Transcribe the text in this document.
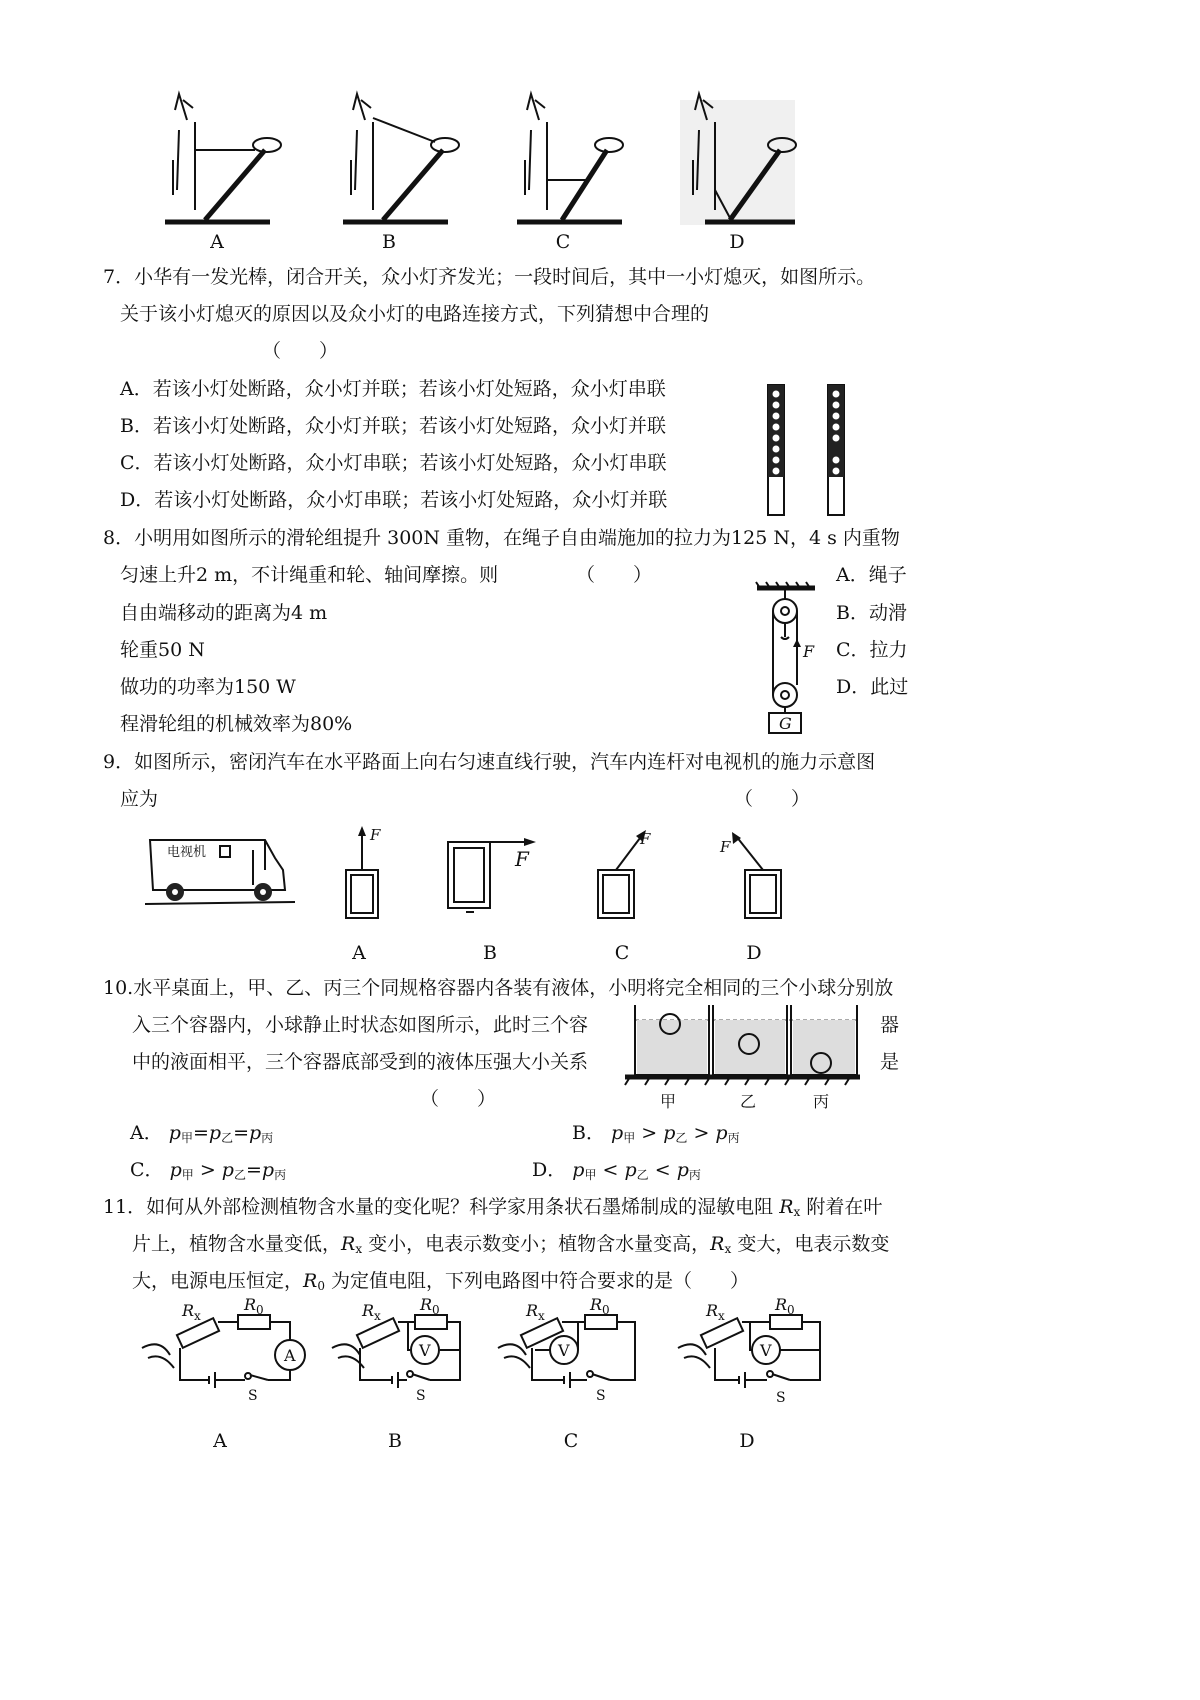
A	B	C	D
7．小华有一发光棒，闭合开关，众小灯齐发光；一段时间后，其中一小灯熄灭，如图所示。
关于该小灯熄灭的原因以及众小灯的电路连接方式，下列猜想中合理的
（　　）
A．若该小灯处断路，众小灯并联；若该小灯处短路，众小灯串联
B．若该小灯处断路，众小灯并联；若该小灯处短路，众小灯并联
C．若该小灯处断路，众小灯串联；若该小灯处短路，众小灯串联
D．若该小灯处断路，众小灯串联；若该小灯处短路，众小灯并联
8．小明用如图所示的滑轮组提升 300N 重物，在绳子自由端施加的拉力为125 N，4 s 内重物
匀速上升2 m，不计绳重和轮、轴间摩擦。则	（　　）
自由端移动的距离为4 m
轮重50 N
做功的功率为150 W
程滑轮组的机械效率为80%
A．绳子
B．动滑
C．拉力
D．此过
F
G
9．如图所示，密闭汽车在水平路面上向右匀速直线行驶，汽车内连杆对电视机的施力示意图
应为	（　　）
电视机
F
F
F	F
A	B	C	D
10.水平桌面上，甲、乙、丙三个同规格容器内各装有液体，小明将完全相同的三个小球分别放
入三个容器内，小球静止时状态如图所示，此时三个容	器
中的液面相平，三个容器底部受到的液体压强大小关系	是
（　　）	甲	乙	丙
A． p甲=p乙=p丙	B． p甲 > p乙 > p丙
C． p甲 > p乙=p丙	D． p甲 < p乙 < p丙
11．如何从外部检测植物含水量的变化呢？科学家用条状石墨烯制成的湿敏电阻 Rx 附着在叶
片上，植物含水量变低，Rx 变小，电表示数变小；植物含水量变高，Rx 变大，电表示数变
大，电源电压恒定，R0 为定值电阻，下列电路图中符合要求的是（　　）
R x
R 0
A
S
R x
R 0
V
S
R x
R 0
V
S
R x
R 0
V
S
A	B	C	D
